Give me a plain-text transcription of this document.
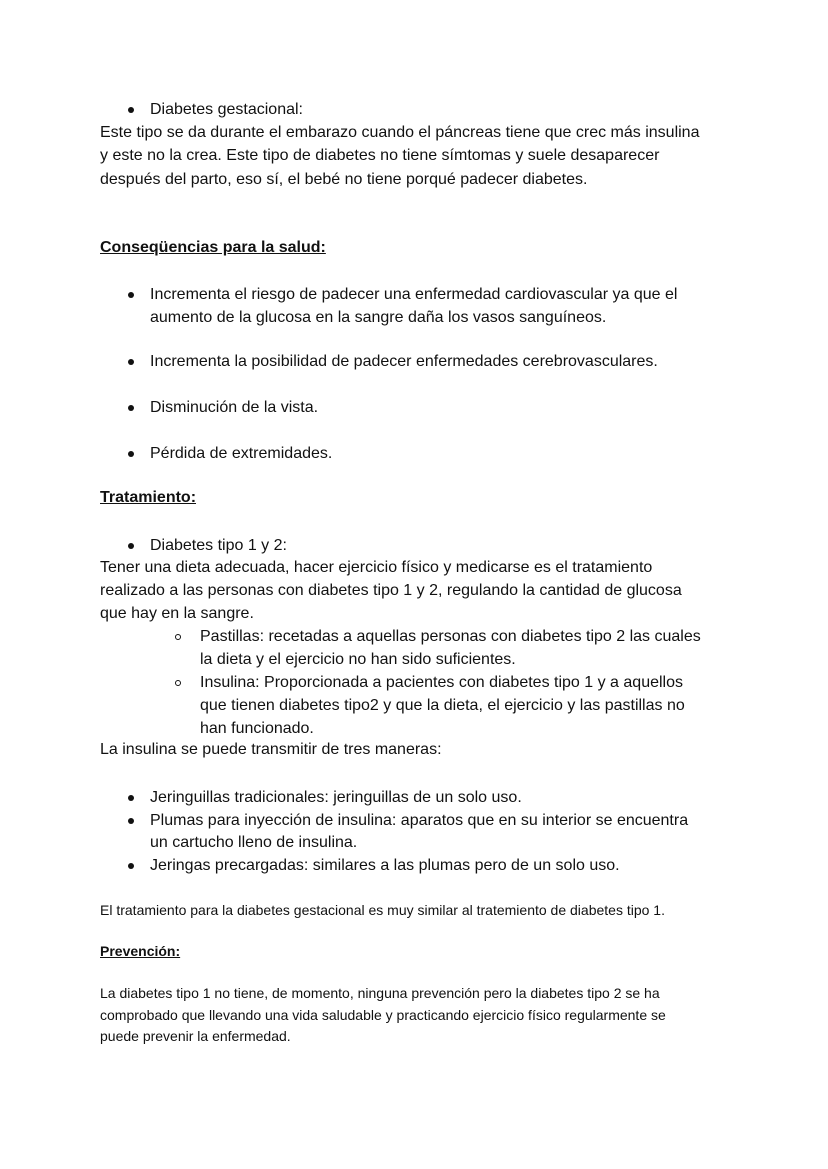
Diabetes gestacional:
Este tipo se da durante el embarazo cuando el páncreas tiene que crec más insulina
y este no la crea. Este tipo de diabetes no tiene símtomas y suele desaparecer
después del parto, eso sí, el bebé no tiene porqué padecer diabetes.
Conseqüencias para la salud:
Incrementa el riesgo de padecer una enfermedad cardiovascular ya que el
aumento de la glucosa en la sangre daña los vasos sanguíneos.
Incrementa la posibilidad de padecer enfermedades cerebrovasculares.
Disminución de la vista.
Pérdida de extremidades.
Tratamiento:
Diabetes tipo 1 y 2:
Tener una dieta adecuada, hacer ejercicio físico y medicarse es el tratamiento
realizado a las personas con diabetes tipo 1 y 2, regulando la cantidad de glucosa
que hay en la sangre.
Pastillas: recetadas a aquellas personas con diabetes tipo 2 las cuales
la dieta y el ejercicio no han sido suficientes.
Insulina: Proporcionada a pacientes con diabetes tipo 1 y a aquellos
que tienen diabetes tipo2 y que la dieta, el ejercicio y las pastillas no
han funcionado.
La insulina se puede transmitir de tres maneras:
Jeringuillas tradicionales: jeringuillas de un solo uso.
Plumas para inyección de insulina: aparatos que en su interior se encuentra
un cartucho lleno de insulina.
Jeringas precargadas: similares a las plumas pero de un solo uso.
El tratamiento para la diabetes gestacional es muy similar al tratemiento de diabetes tipo 1.
Prevención:
La diabetes tipo 1 no tiene, de momento, ninguna prevención pero la diabetes tipo 2 se ha
comprobado que llevando una vida saludable y practicando ejercicio físico regularmente se
puede prevenir la enfermedad.
